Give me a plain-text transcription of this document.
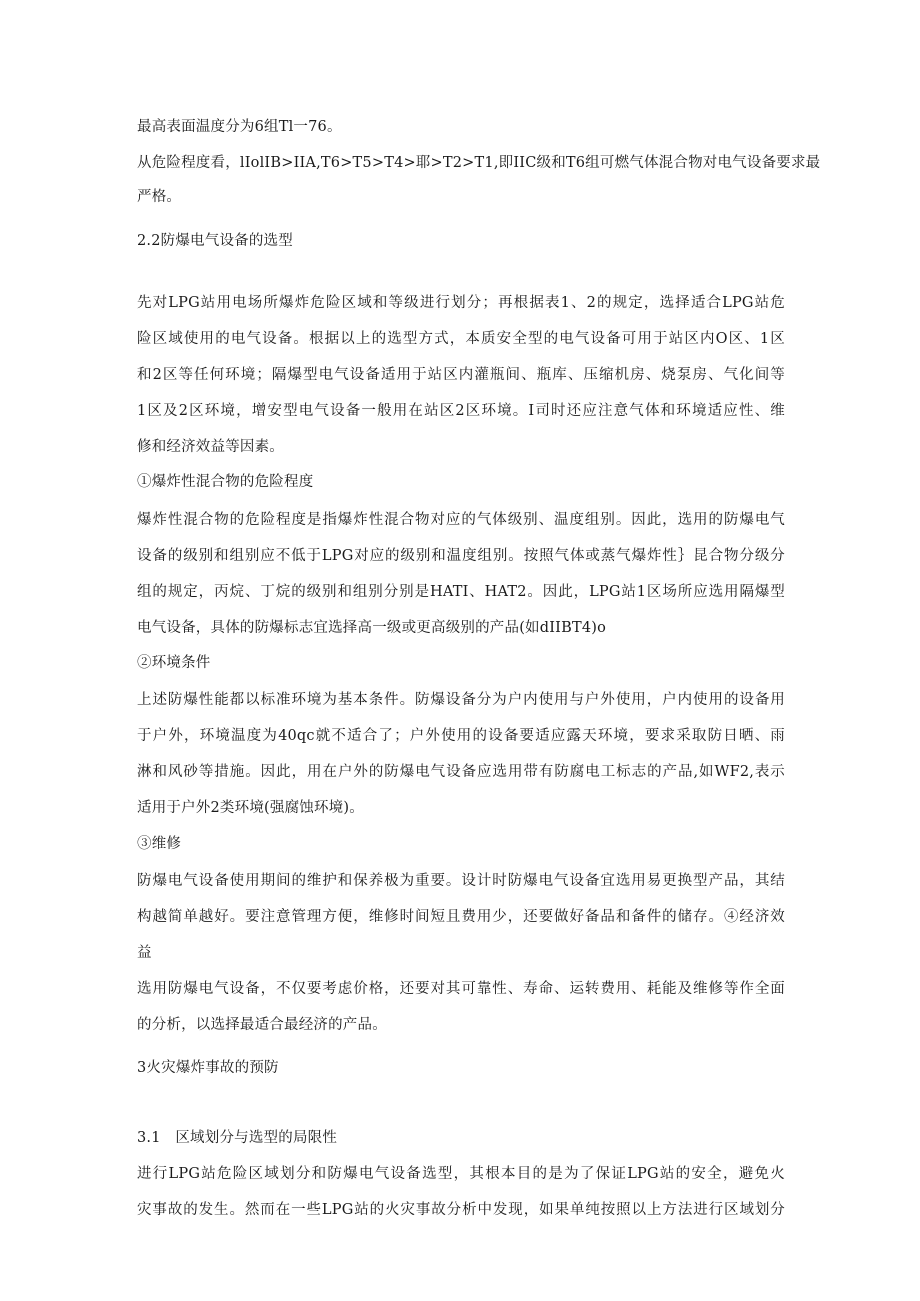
最高表面温度分为6组Tl一76。
从危险程度看，lIolIB>IIA,T6>T5>T4>耶>T2>T1,即IIC级和T6组可燃气体混合物对电气设备要求最
严格。
2.2防爆电气设备的选型
先对LPG站用电场所爆炸危险区域和等级进行划分；再根据表1、2的规定，选择适合LPG站危
险区域使用的电气设备。根据以上的选型方式，本质安全型的电气设备可用于站区内O区、1区
和2区等任何环境；隔爆型电气设备适用于站区内灌瓶间、瓶库、压缩机房、烧泵房、气化间等
1区及2区环境，增安型电气设备一般用在站区2区环境。I司时还应注意气体和环境适应性、维
修和经济效益等因素。
①爆炸性混合物的危险程度
爆炸性混合物的危险程度是指爆炸性混合物对应的气体级别、温度组别。因此，选用的防爆电气
设备的级别和组别应不低于LPG对应的级别和温度组别。按照气体或蒸气爆炸性｝昆合物分级分
组的规定，丙烷、丁烷的级别和组别分别是HATI、HAT2。因此，LPG站1区场所应选用隔爆型
电气设备，具体的防爆标志宜选择高一级或更高级别的产品(如dIIBT4)o
②环境条件
上述防爆性能都以标准环境为基本条件。防爆设备分为户内使用与户外使用，户内使用的设备用
于户外，环境温度为40qc就不适合了；户外使用的设备要适应露天环境，要求采取防日晒、雨
淋和风砂等措施。因此，用在户外的防爆电气设备应选用带有防腐电工标志的产品,如WF2,表示
适用于户外2类环境(强腐蚀环境)。
③维修
防爆电气设备使用期间的维护和保养极为重要。设计时防爆电气设备宜选用易更换型产品，其结
构越简单越好。要注意管理方便，维修时间短且费用少，还要做好备品和备件的储存。④经济效
益
选用防爆电气设备，不仅要考虑价格，还要对其可靠性、寿命、运转费用、耗能及维修等作全面
的分析，以选择最适合最经济的产品。
3火灾爆炸事故的预防
3.1　区域划分与选型的局限性
进行LPG站危险区域划分和防爆电气设备选型，其根本目的是为了保证LPG站的安全，避免火
灾事故的发生。然而在一些LPG站的火灾事故分析中发现，如果单纯按照以上方法进行区域划分
